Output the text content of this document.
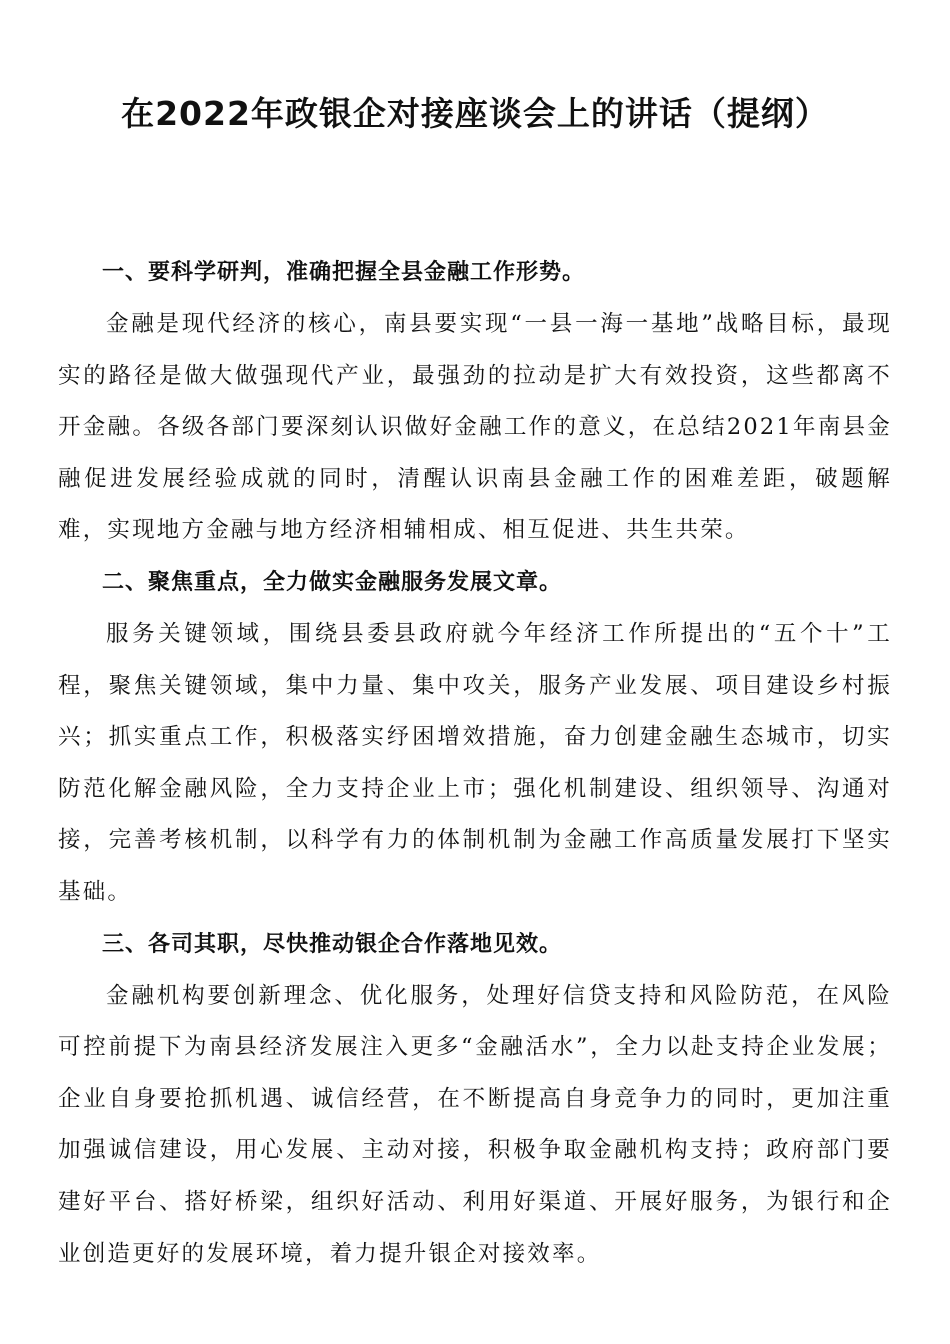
在2022年政银企对接座谈会上的讲话（提纲）

一、要科学研判，准确把握全县金融工作形势。

金融是现代经济的核心，南县要实现“一县一海一基地”战略目标，最现实的路径是做大做强现代产业，最强劲的拉动是扩大有效投资，这些都离不开金融。各级各部门要深刻认识做好金融工作的意义，在总结2021年南县金融促进发展经验成就的同时，清醒认识南县金融工作的困难差距，破题解难，实现地方金融与地方经济相辅相成、相互促进、共生共荣。

二、聚焦重点，全力做实金融服务发展文章。

服务关键领域，围绕县委县政府就今年经济工作所提出的“五个十”工程，聚焦关键领域，集中力量、集中攻关，服务产业发展、项目建设乡村振兴；抓实重点工作，积极落实纾困增效措施，奋力创建金融生态城市，切实防范化解金融风险，全力支持企业上市；强化机制建设、组织领导、沟通对接，完善考核机制，以科学有力的体制机制为金融工作高质量发展打下坚实基础。

三、各司其职，尽快推动银企合作落地见效。

金融机构要创新理念、优化服务，处理好信贷支持和风险防范，在风险可控前提下为南县经济发展注入更多“金融活水”，全力以赴支持企业发展；企业自身要抢抓机遇、诚信经营，在不断提高自身竞争力的同时，更加注重加强诚信建设，用心发展、主动对接，积极争取金融机构支持；政府部门要建好平台、搭好桥梁，组织好活动、利用好渠道、开展好服务，为银行和企业创造更好的发展环境，着力提升银企对接效率。
